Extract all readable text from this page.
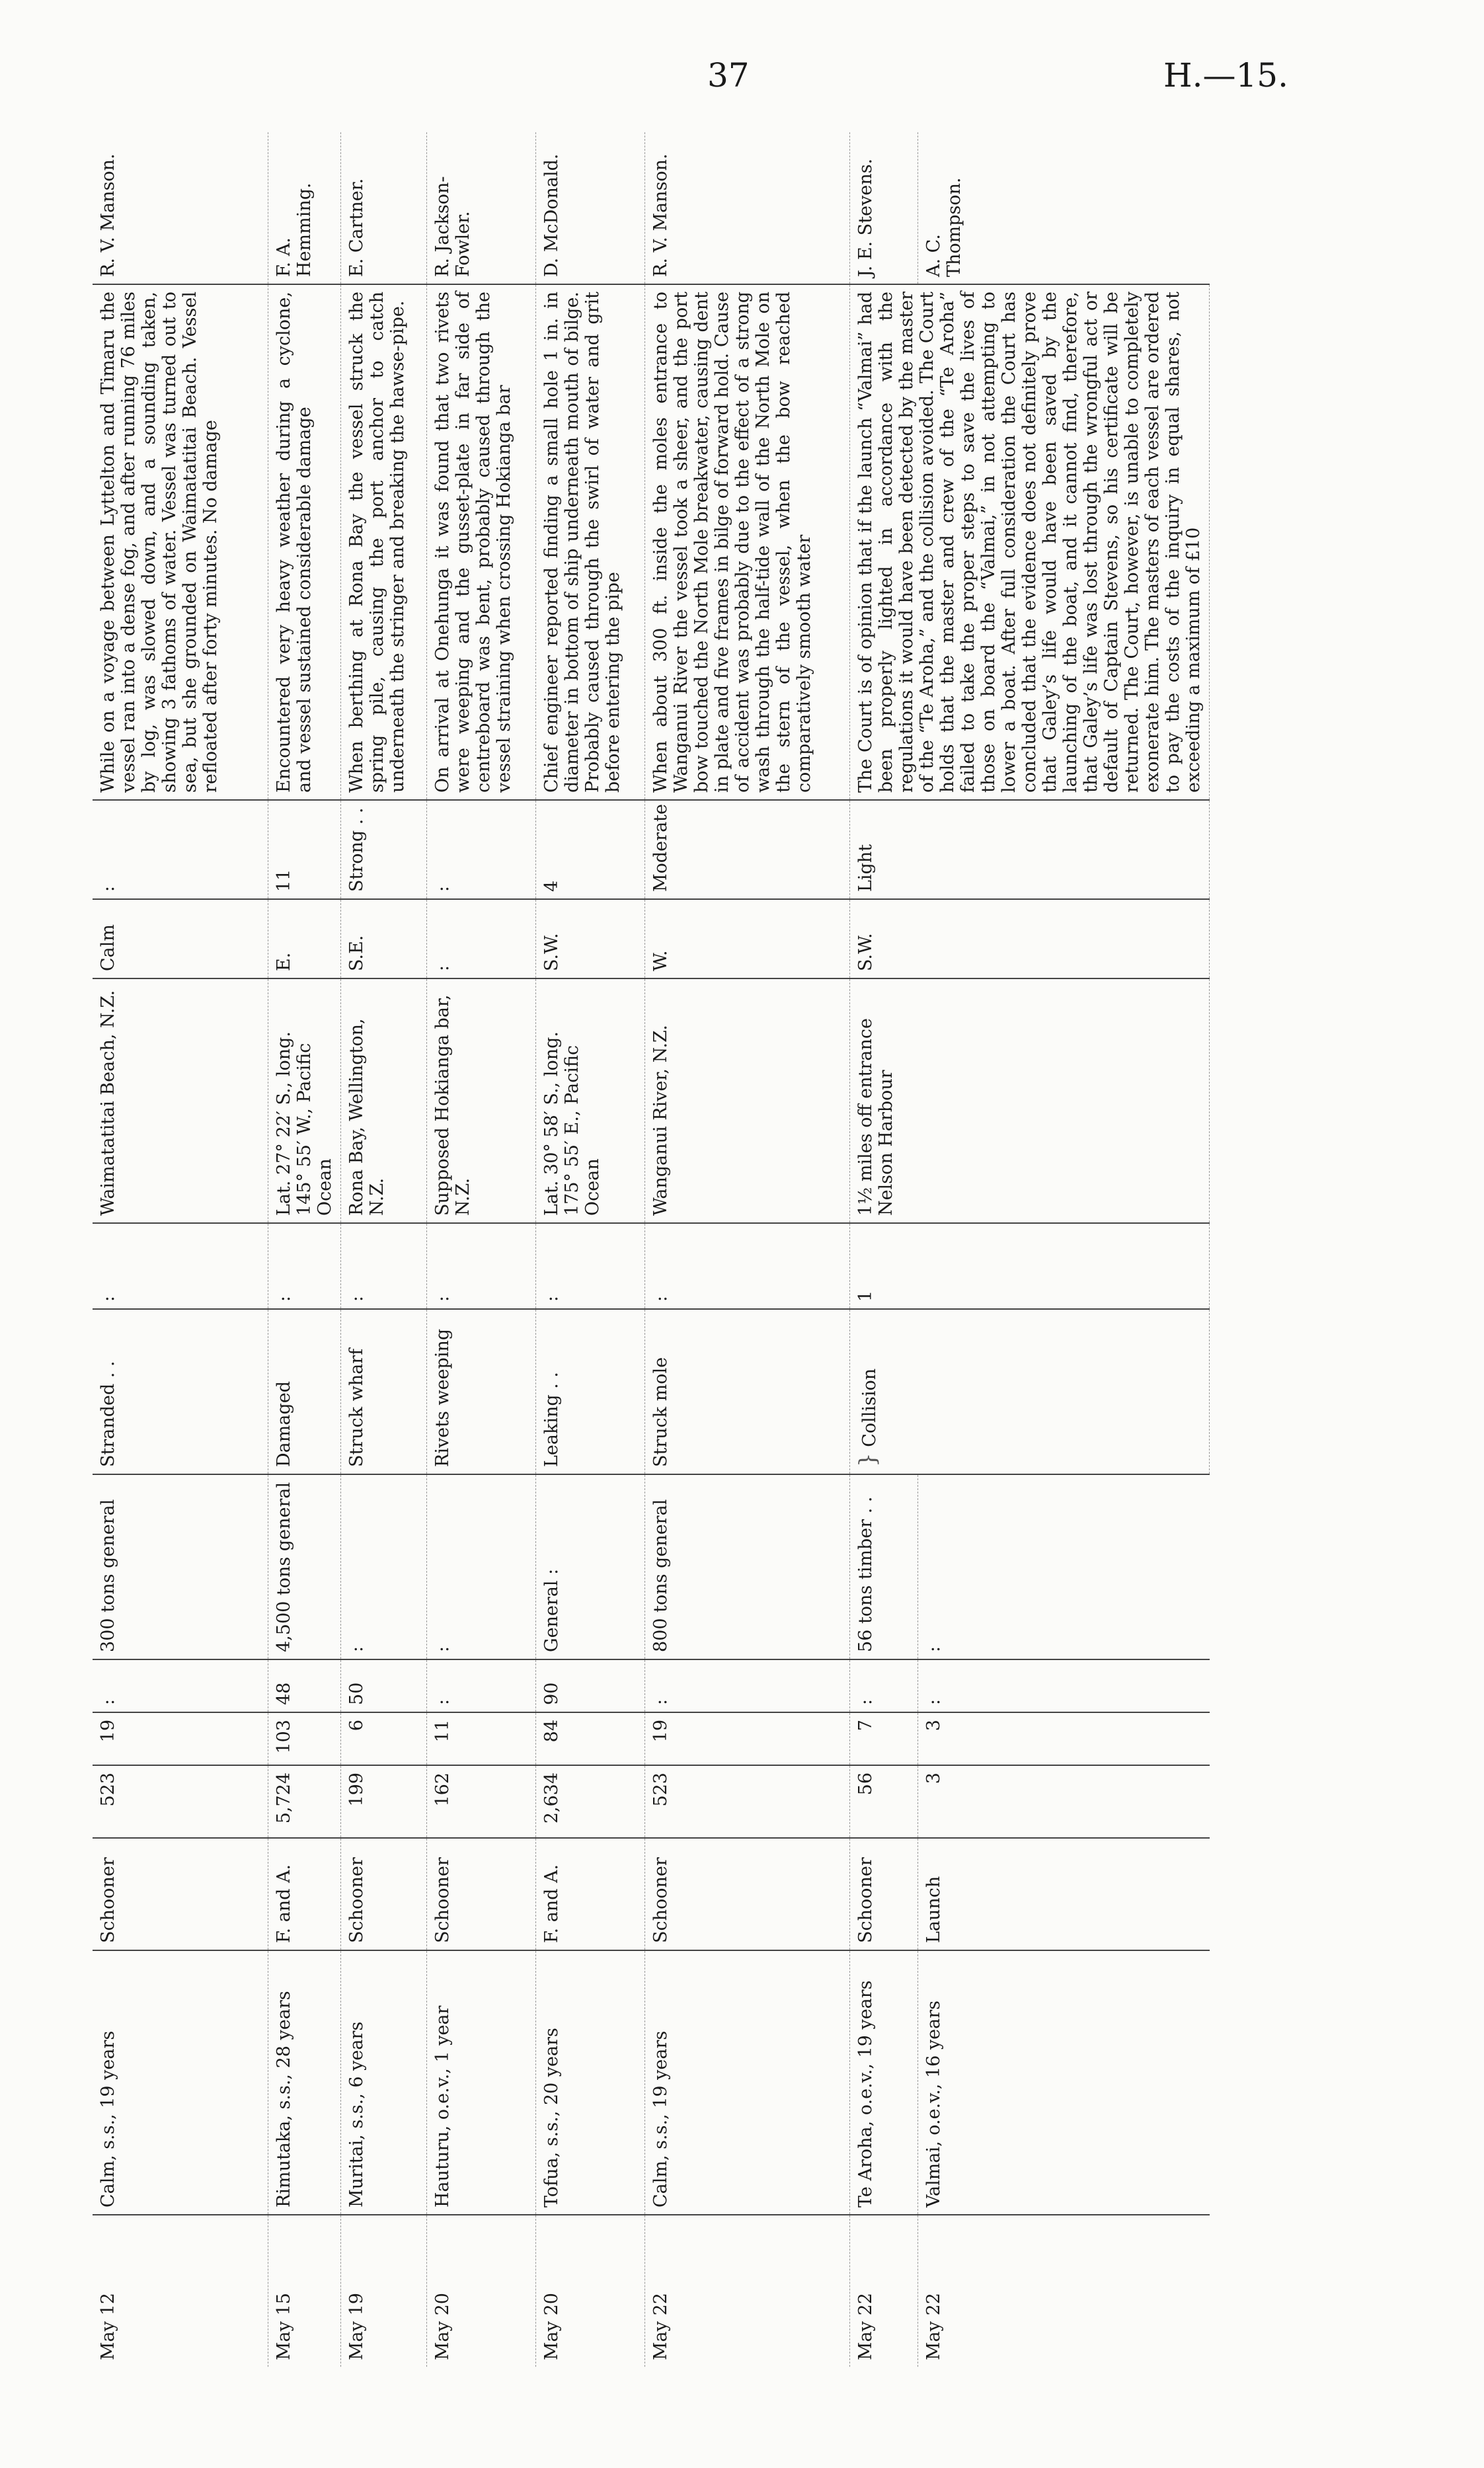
37	H.—15.
May 12	Calm, s.s., 19 years	Schooner	523	19	:	300 tons general	Stranded . .	:	Waimatatitai Beach, N.Z.	Calm	:	While on a voyage between Lyttelton and Timaru the vessel ran into a dense fog, and after running 76 miles by log, was slowed down, and a sounding taken, showing 3 fathoms of water. Vessel was turned out to sea, but she grounded on Waimatatitai Beach. Vessel refloated after forty minutes. No damage	R. V. Manson.
May 15	Rimutaka, s.s., 28 years	F. and A.	5,724	103	48	4,500 tons general	Damaged	:	Lat. 27° 22′ S., long. 145° 55′ W., Pacific Ocean	E.	11	Encountered very heavy weather during a cyclone, and vessel sustained considerable damage	F. A. Hemming.
May 19	Muritai, s.s., 6 years	Schooner	199	6	50	:	Struck wharf	:	Rona Bay, Wellington, N.Z.	S.E.	Strong . .	When berthing at Rona Bay the vessel struck the spring pile, causing the port anchor to catch underneath the stringer and breaking the hawse-pipe.	E. Cartner.
May 20	Hauturu, o.e.v., 1 year	Schooner	162	11	:	:	Rivets weeping	:	Supposed Hokianga bar, N.Z.	:	:	On arrival at Onehunga it was found that two rivets were weeping and the gusset-plate in far side of centreboard was bent, probably caused through the vessel straining when crossing Hokianga bar	R. Jackson-Fowler.
May 20	Tofua, s.s., 20 years	F. and A.	2,634	84	90	General :	Leaking . .	:	Lat. 30° 58′ S., long. 175° 55′ E., Pacific Ocean	S.W.	4	Chief engineer reported finding a small hole 1 in. in diameter in bottom of ship underneath mouth of bilge. Probably caused through the swirl of water and grit before entering the pipe	D. McDonald.
May 22	Calm, s.s., 19 years	Schooner	523	19	:	800 tons general	Struck mole	:	Wanganui River, N.Z.	W.	Moderate	When about 300 ft. inside the moles entrance to Wanganui River the vessel took a sheer, and the port bow touched the North Mole breakwater, causing dent in plate and five frames in bilge of forward hold. Cause of accident was probably due to the effect of a strong wash through the half-tide wall of the North Mole on the stern of the vessel, when the bow reached comparatively smooth water	R. V. Manson.
May 22	Te Aroha, o.e.v., 19 years	Schooner	56	7	:	56 tons timber . .	} Collision	1	1½ miles off entrance Nelson Harbour	S.W.	Light	The Court is of opinion that if the launch “Valmai” had been properly lighted in accordance with the regulations it would have been detected by the master of the “Te Aroha,” and the collision avoided. The Court holds that the master and crew of the “Te Aroha” failed to take the proper steps to save the lives of those on board the “Valmai,” in not attempting to lower a boat. After full consideration the Court has concluded that the evidence does not definitely prove that Galey’s life would have been saved by the launching of the boat, and it cannot find, therefore, that Galey’s life was lost through the wrongful act or default of Captain Stevens, so his certificate will be returned. The Court, however, is unable to completely exonerate him. The masters of each vessel are ordered to pay the costs of the inquiry in equal shares, not exceeding a maximum of £10	J. E. Stevens.
May 22	Valmai, o.e.v., 16 years	Launch	3	3	:	:							A. C. Thompson.
